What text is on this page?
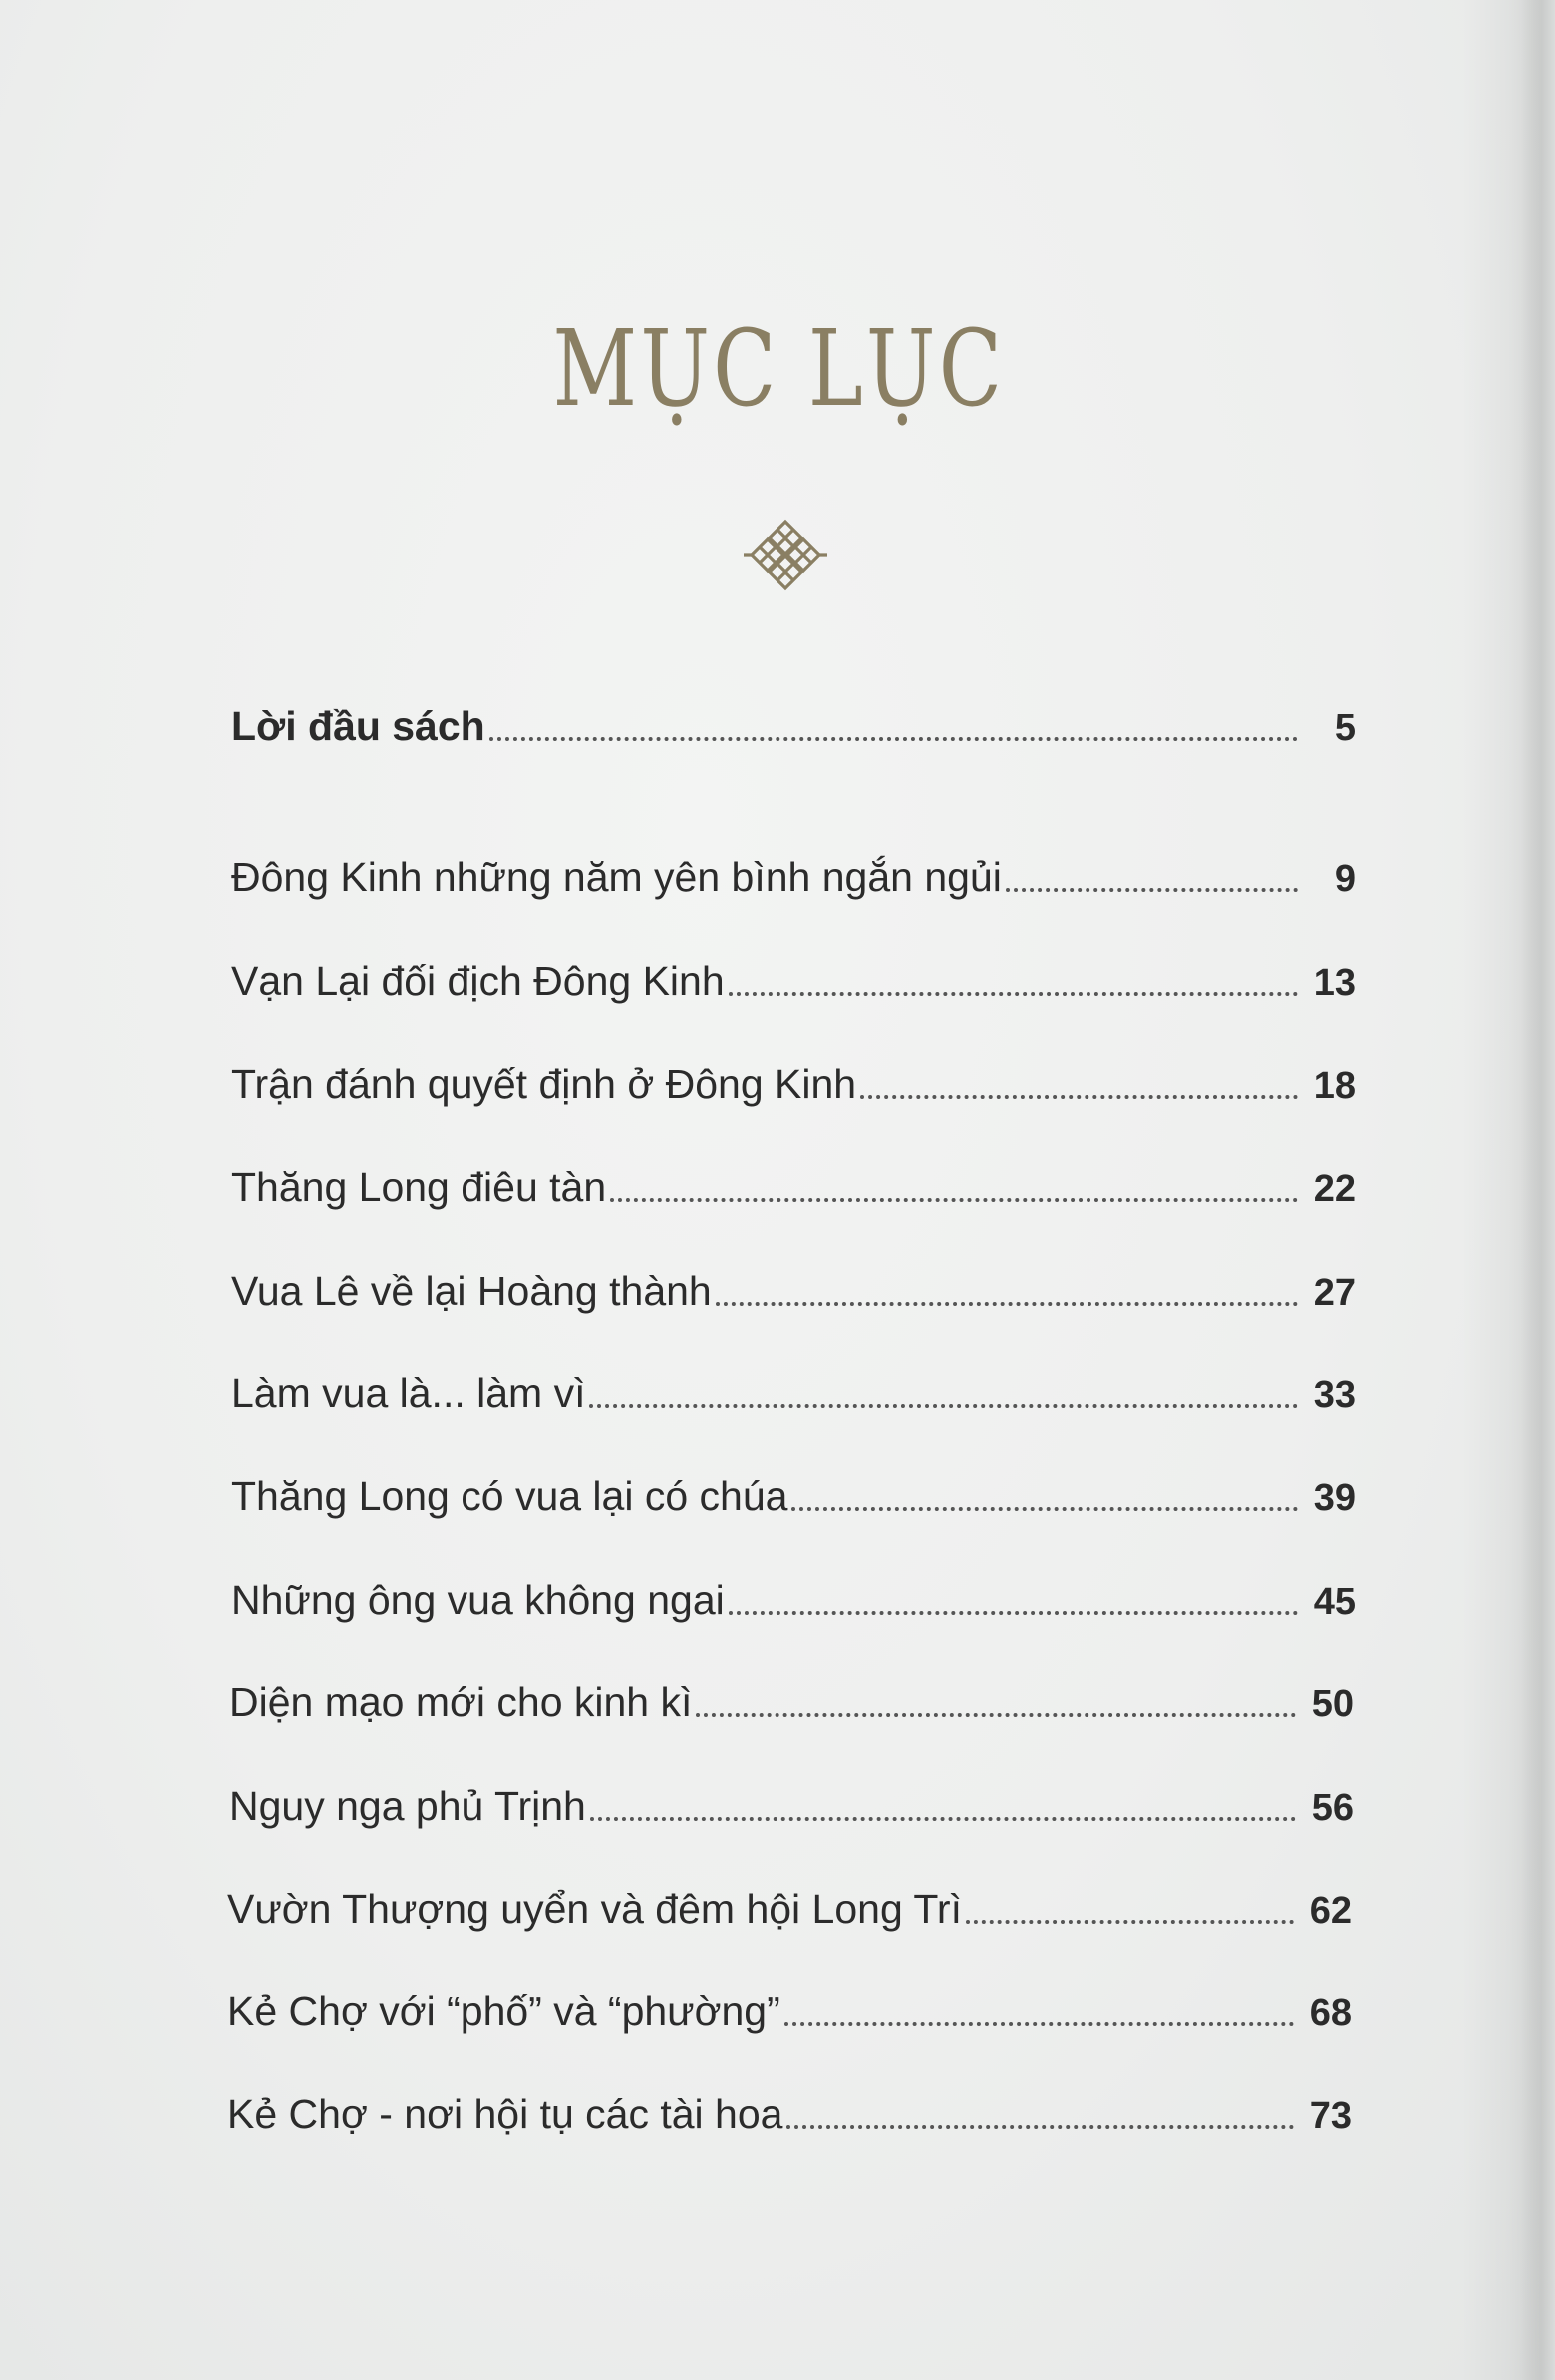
MỤC LỤC
Lời đầu sách	5
Đông Kinh những năm yên bình ngắn ngủi	9
Vạn Lại đối địch Đông Kinh	13
Trận đánh quyết định ở Đông Kinh	18
Thăng Long điêu tàn	22
Vua Lê về lại Hoàng thành	27
Làm vua là... làm vì	33
Thăng Long có vua lại có chúa	39
Những ông vua không ngai	45
Diện mạo mới cho kinh kì	50
Nguy nga phủ Trịnh	56
Vườn Thượng uyển và đêm hội Long Trì	62
Kẻ Chợ với “phố” và “phường”	68
Kẻ Chợ - nơi hội tụ các tài hoa	73
